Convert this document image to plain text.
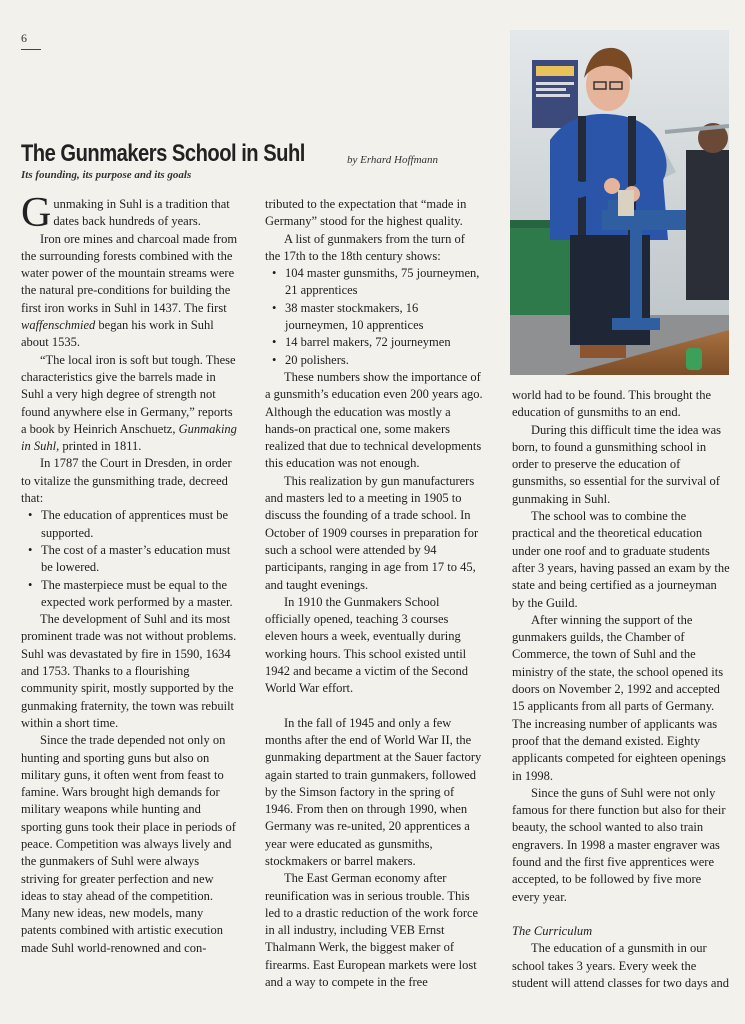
6
The Gunmakers School in Suhl	by Erhard Hoffmann
Its founding, its purpose and its goals

Gunmaking in Suhl is a tradition that dates back hundreds of years.

Iron ore mines and charcoal made from the surrounding forests combined with the water power of the mountain streams were the natural pre-conditions for building the first iron works in Suhl in 1437. The first waffenschmied began his work in Suhl about 1535.

“The local iron is soft but tough. These characteristics give the barrels made in Suhl a very high degree of strength not found anywhere else in Germany,” reports a book by Heinrich Anschuetz, Gunmaking in Suhl, printed in 1811.

In 1787 the Court in Dresden, in order to vitalize the gunsmithing trade, decreed that:

• The education of apprentices must be supported.
• The cost of a master’s education must be lowered.
• The masterpiece must be equal to the expected work performed by a master.

The development of Suhl and its most prominent trade was not without problems. Suhl was devastated by fire in 1590, 1634 and 1753. Thanks to a flourishing community spirit, mostly supported by the gunmaking fraternity, the town was rebuilt within a short time.

Since the trade depended not only on hunting and sporting guns but also on military guns, it often went from feast to famine. Wars brought high demands for military weapons while hunting and sporting guns took their place in periods of peace. Competition was always lively and the gunmakers of Suhl were always striving for greater perfection and new ideas to stay ahead of the competition. Many new ideas, new models, many patents combined with artistic execution made Suhl world-renowned and con-

tributed to the expectation that “made in Germany” stood for the highest quality.

A list of gunmakers from the turn of the 17th to the 18th century shows:

• 104 master gunsmiths, 75 journeymen, 21 apprentices
• 38 master stockmakers, 16 journeymen, 10 apprentices
• 14 barrel makers, 72 journeymen
• 20 polishers.

These numbers show the importance of a gunsmith’s education even 200 years ago. Although the education was mostly a hands-on practical one, some makers realized that due to technical developments this education was not enough.

This realization by gun manufacturers and masters led to a meeting in 1905 to discuss the founding of a trade school. In October of 1909 courses in preparation for such a school were attended by 94 participants, ranging in age from 17 to 45, and taught evenings.

In 1910 the Gunmakers School officially opened, teaching 3 courses eleven hours a week, eventually during working hours. This school existed until 1942 and became a victim of the Second World War effort.

In the fall of 1945 and only a few months after the end of World War II, the gunmaking department at the Sauer factory again started to train gunmakers, followed by the Simson factory in the spring of 1946. From then on through 1990, when Germany was re-united, 20 apprentices a year were educated as gunsmiths, stockmakers or barrel makers.

The East German economy after reunification was in serious trouble. This led to a drastic reduction of the work force in all industry, including VEB Ernst Thalmann Werk, the biggest maker of firearms. East European markets were lost and a way to compete in the free

world had to be found. This brought the education of gunsmiths to an end.

During this difficult time the idea was born, to found a gunsmithing school in order to preserve the education of gunsmiths, so essential for the survival of gunmaking in Suhl.

The school was to combine the practical and the theoretical education under one roof and to graduate students after 3 years, having passed an exam by the state and being certified as a journeyman by the Guild.

After winning the support of the gunmakers guilds, the Chamber of Commerce, the town of Suhl and the ministry of the state, the school opened its doors on November 2, 1992 and accepted 15 applicants from all parts of Germany. The increasing number of applicants was proof that the demand existed. Eighty applicants competed for eighteen openings in 1998.

Since the guns of Suhl were not only famous for there function but also for their beauty, the school wanted to also train engravers. In 1998 a master engraver was found and the first five apprentices were accepted, to be followed by five more every year.

The Curriculum

The education of a gunsmith in our school takes 3 years. Every week the student will attend classes for two days and
